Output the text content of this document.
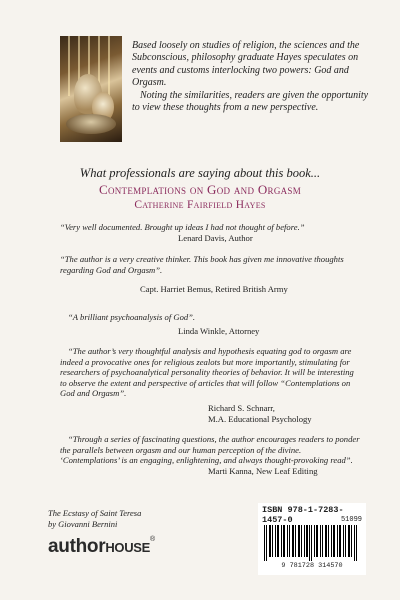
Based loosely on studies of religion, the sciences and the Subconscious, philosophy graduate Hayes speculates on events and customs interlocking two powers: God and Orgasm.

Noting the similarities, readers are given the opportunity to view these thoughts from a new perspective.

What professionals are saying about this book...
Contemplations on God and Orgasm
Catherine Fairfield Hayes

“Very well documented. Brought up ideas I had not thought of before.”

Lenard Davis, Author

“The author is a very creative thinker. This book has given me innovative thoughts regarding God and Orgasm”.

Capt. Harriet Bemus, Retired British Army

“A brilliant psychoanalysis of God”.

Linda Winkle, Attorney

“The author’s very thoughtful analysis and hypothesis equating god to orgasm are indeed a provocative ones for religious zealots but more importantly, stimulating for researchers of psychoanalytical personality theories of behavior. It will be interesting to observe the extent and perspective of articles that will follow “Contemplations on God and Orgasm”.

Richard S. Schnarr,

M.A. Educational Psychology

“Through a series of fascinating questions, the author encourages readers to ponder the parallels between orgasm and our human perception of the divine. ‘Contemplations’ is an engaging, enlightening, and always thought-provoking read”.

Marti Kanna, New Leaf Editing

The Ecstasy of Saint Teresa

by Giovanni Bernini

authorHOUSE®
ISBN 978-1-7283-1457-0	51099
9 781728 314570
